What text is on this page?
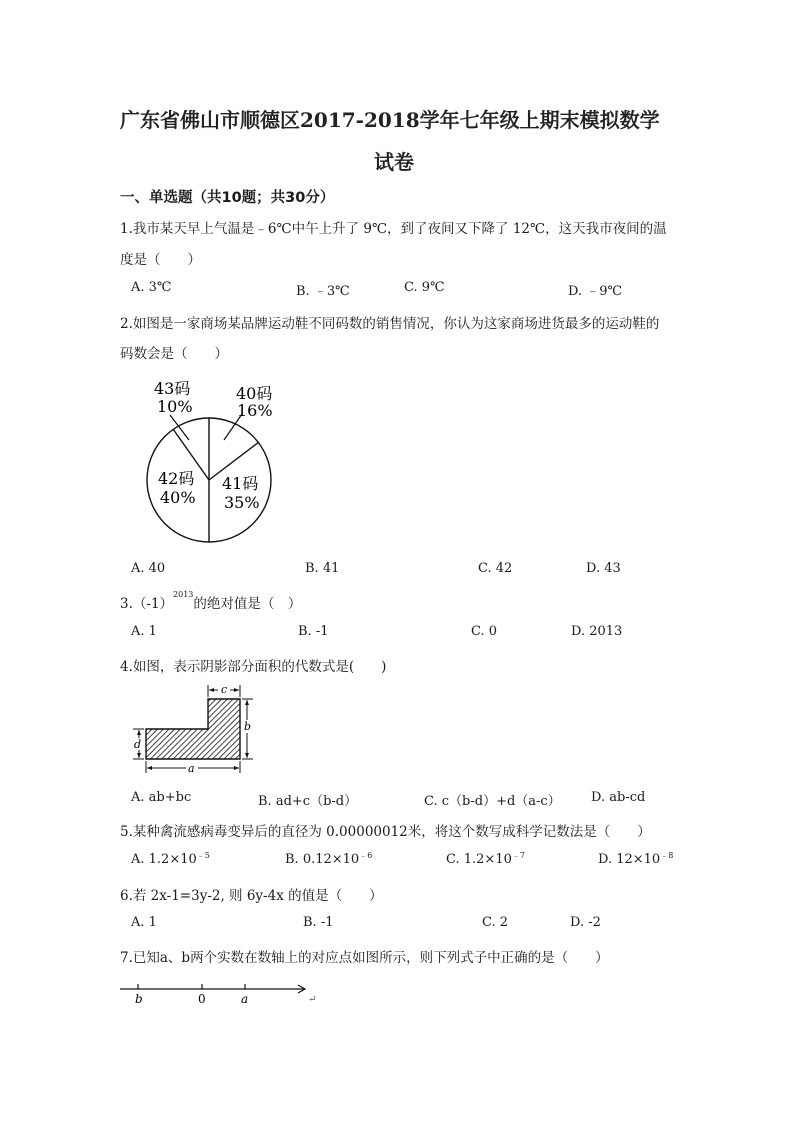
广东省佛山市顺德区2017-2018学年七年级上期末模拟数学
试卷
一、单选题（共10题；共30分）
1.我市某天早上气温是﹣6℃中午上升了 9℃，到了夜间又下降了 12℃，这天我市夜间的温
度是（　　）
A. 3℃	B. ﹣3℃	C. 9℃	D. ﹣9℃
2.如图是一家商场某品牌运动鞋不同码数的销售情况，你认为这家商场进货最多的运动鞋的
码数会是（　　）
43码
10%
40码
16%
42码
40%
41码
35%
A. 40	B. 41	C. 42	D. 43
$3.(-1)^{2013}$的绝对值是（　）
A. 1	B. -1	C. 0	D. 2013
4.如图，表示阴影部分面积的代数式是(　　)
c
b
d
a
A. ab+bc	B. ad+c（b-d）	C. c（b-d）+d（a-c） D. ab-cd
5.某种禽流感病毒变异后的直径为 0.00000012米，将这个数写成科学记数法是（　　）
A. $1.2\times 10^{﹣5}$	B. $0.12\times 10^{﹣6}$	C. $1.2\times 10^{﹣7}$	D. $12\times 10^{﹣8}$
6.若 2x-1=3y-2, 则 6y-4x 的值是（　　）
A. 1	B. -1	C. 2	D. -2
7.已知a、b两个实数在数轴上的对应点如图所示，则下列式子中正确的是（　　）
b	0	a	↵
